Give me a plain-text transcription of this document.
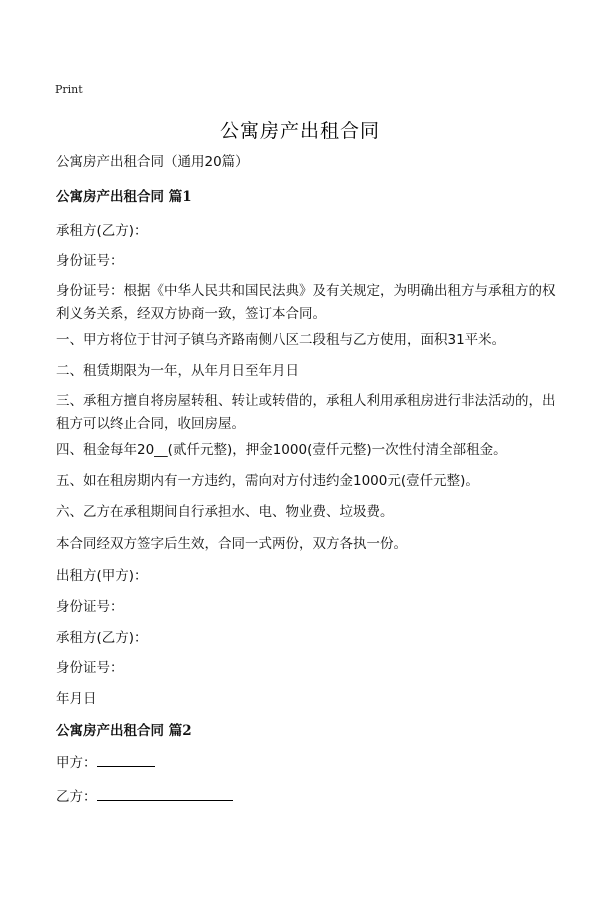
Print
公寓房产出租合同
公寓房产出租合同（通用20篇）
公寓房产出租合同 篇1
承租方(乙方)：
身份证号：
身份证号：根据《中华人民共和国民法典》及有关规定，为明确出租方与承租方的权利义务关系，经双方协商一致，签订本合同。
一、甲方将位于甘河子镇乌齐路南侧八区二段租与乙方使用，面积31平米。
二、租赁期限为一年，从年月日至年月日
三、承租方擅自将房屋转租、转让或转借的，承租人利用承租房进行非法活动的，出租方可以终止合同，收回房屋。
四、租金每年20__(贰仟元整)，押金1000(壹仟元整)一次性付清全部租金。
五、如在租房期内有一方违约，需向对方付违约金1000元(壹仟元整)。
六、乙方在承租期间自行承担水、电、物业费、垃圾费。
本合同经双方签字后生效，合同一式两份，双方各执一份。
出租方(甲方)：
身份证号：
承租方(乙方)：
身份证号：
年月日
公寓房产出租合同 篇2
甲方：
乙方：
